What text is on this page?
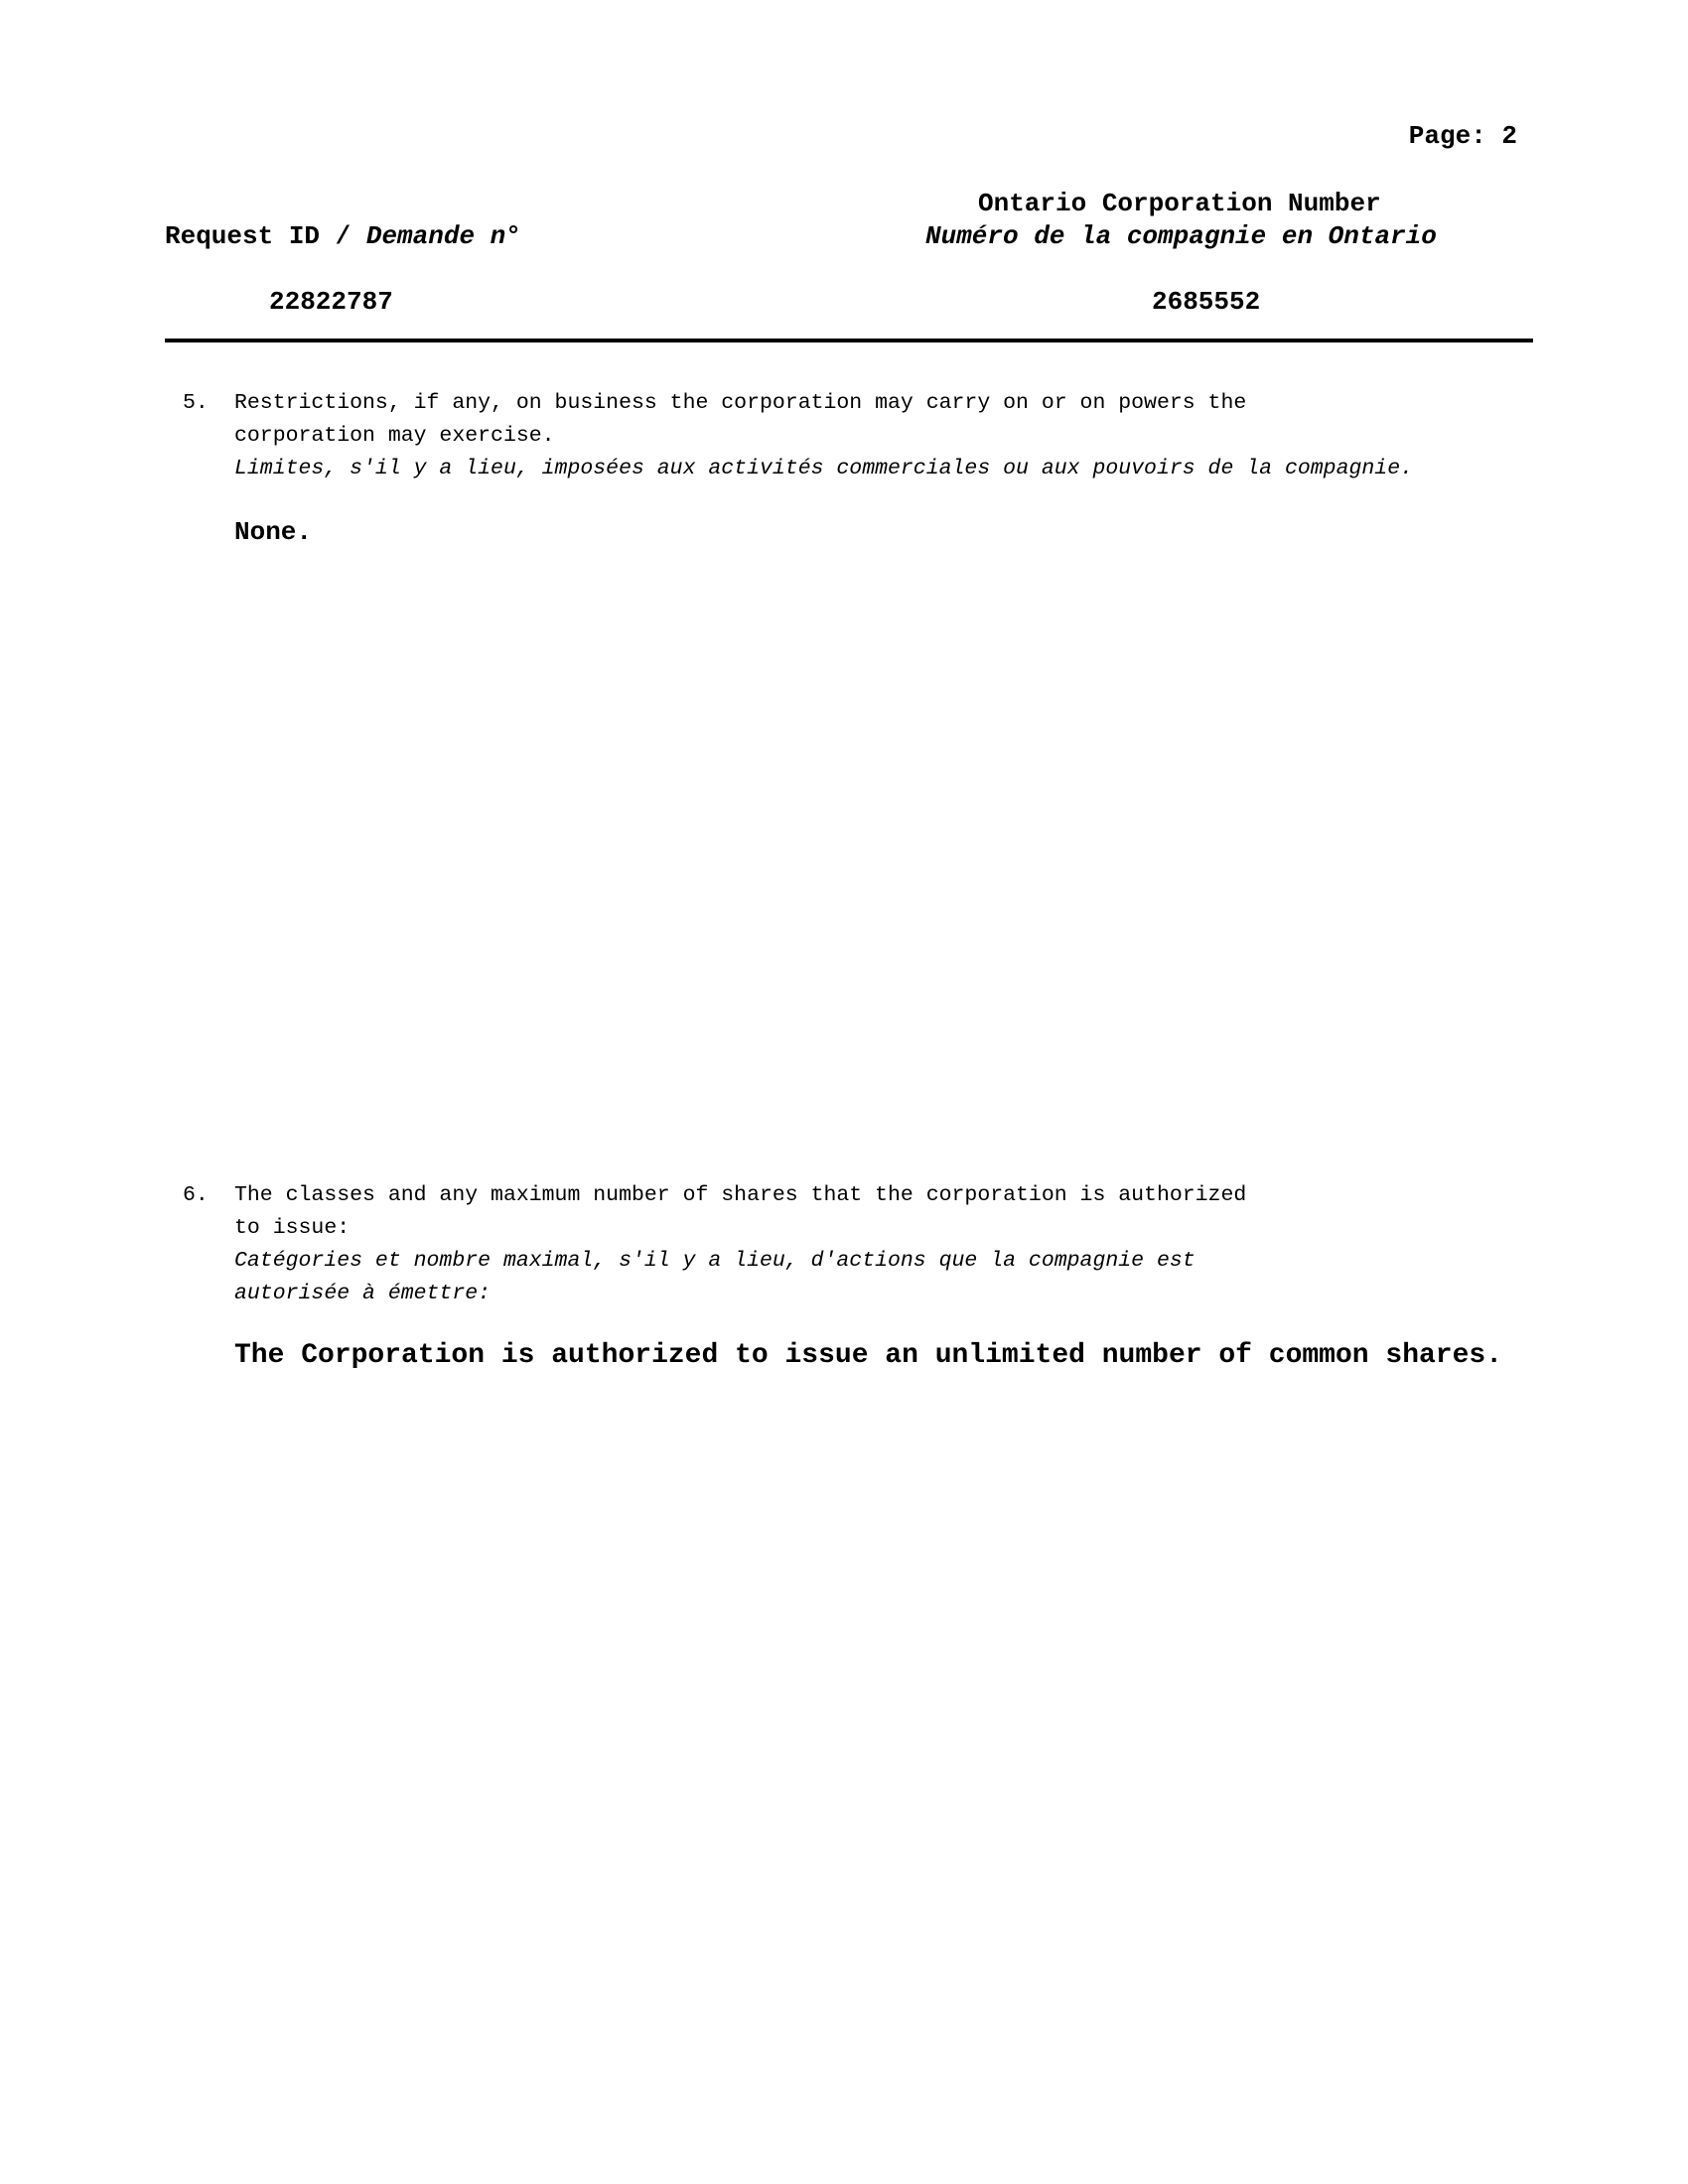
Page: 2
Request ID / Demande n°
Ontario Corporation Number
Numéro de la compagnie en Ontario
22822787	2685552
5. Restrictions, if any, on business the corporation may carry on or on powers the
corporation may exercise.
Limites, s'il y a lieu, imposées aux activités commerciales ou aux pouvoirs de la compagnie.
None.
6. The classes and any maximum number of shares that the corporation is authorized
to issue:
Catégories et nombre maximal, s'il y a lieu, d'actions que la compagnie est
autorisée à émettre:
The Corporation is authorized to issue an unlimited number of common shares.
